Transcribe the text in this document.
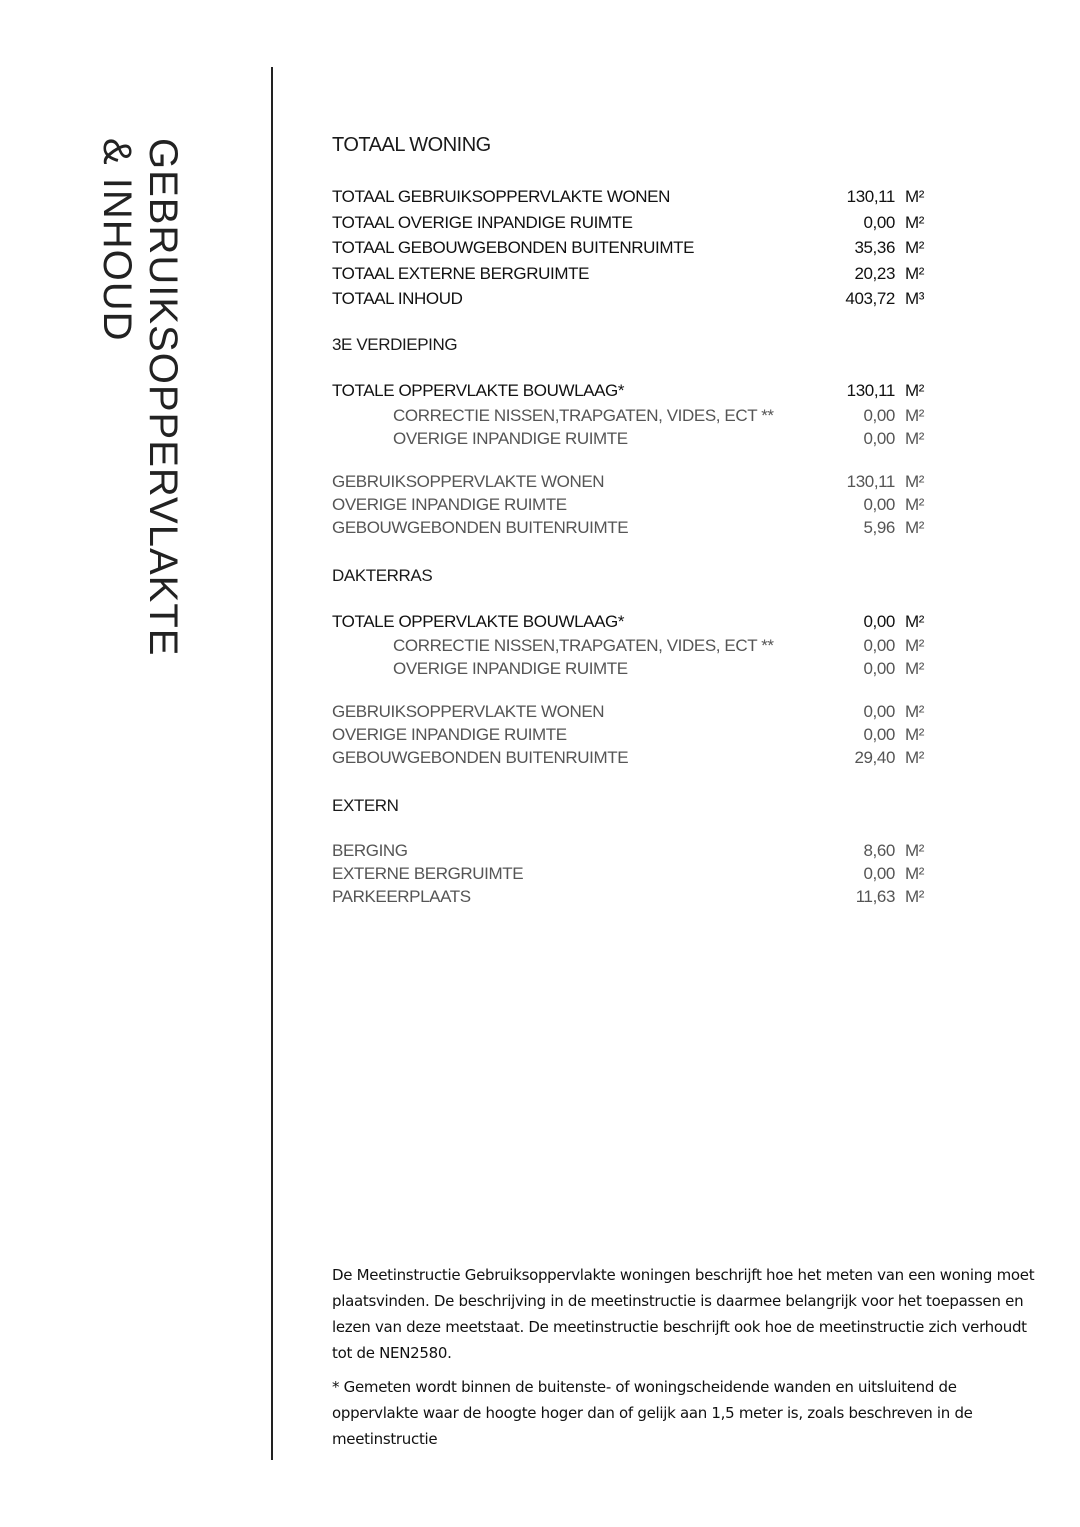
GEBRUIKSOPPERVLAKTE
& INHOUD	TOTAAL WONING
TOTAAL GEBRUIKSOPPERVLAKTE WONEN	130,11 M²
TOTAAL OVERIGE INPANDIGE RUIMTE	0,00 M²
TOTAAL GEBOUWGEBONDEN BUITENRUIMTE	35,36 M²
TOTAAL EXTERNE BERGRUIMTE	20,23 M²
TOTAAL INHOUD	403,72 M³
3E VERDIEPING
TOTALE OPPERVLAKTE BOUWLAAG*	130,11 M²
CORRECTIE NISSEN,TRAPGATEN, VIDES, ECT **	0,00 M²
OVERIGE INPANDIGE RUIMTE	0,00 M²
GEBRUIKSOPPERVLAKTE WONEN	130,11 M²
OVERIGE INPANDIGE RUIMTE	0,00 M²
GEBOUWGEBONDEN BUITENRUIMTE	5,96 M²
DAKTERRAS
TOTALE OPPERVLAKTE BOUWLAAG*	0,00 M²
CORRECTIE NISSEN,TRAPGATEN, VIDES, ECT **	0,00 M²
OVERIGE INPANDIGE RUIMTE	0,00 M²
GEBRUIKSOPPERVLAKTE WONEN	0,00 M²
OVERIGE INPANDIGE RUIMTE	0,00 M²
GEBOUWGEBONDEN BUITENRUIMTE	29,40 M²
EXTERN
BERGING	8,60 M²
EXTERNE BERGRUIMTE	0,00 M²
PARKEERPLAATS	11,63 M²

De Meetinstructie Gebruiksoppervlakte woningen beschrijft hoe het meten van een woning moet plaatsvinden. De beschrijving in de meetinstructie is daarmee belangrijk voor het toepassen en lezen van deze meetstaat. De meetinstructie beschrijft ook hoe de meetinstructie zich verhoudt tot de NEN2580.

* Gemeten wordt binnen de buitenste- of woningscheidende wanden en uitsluitend de oppervlakte waar de hoogte hoger dan of gelijk aan 1,5 meter is, zoals beschreven in de meetinstructie
